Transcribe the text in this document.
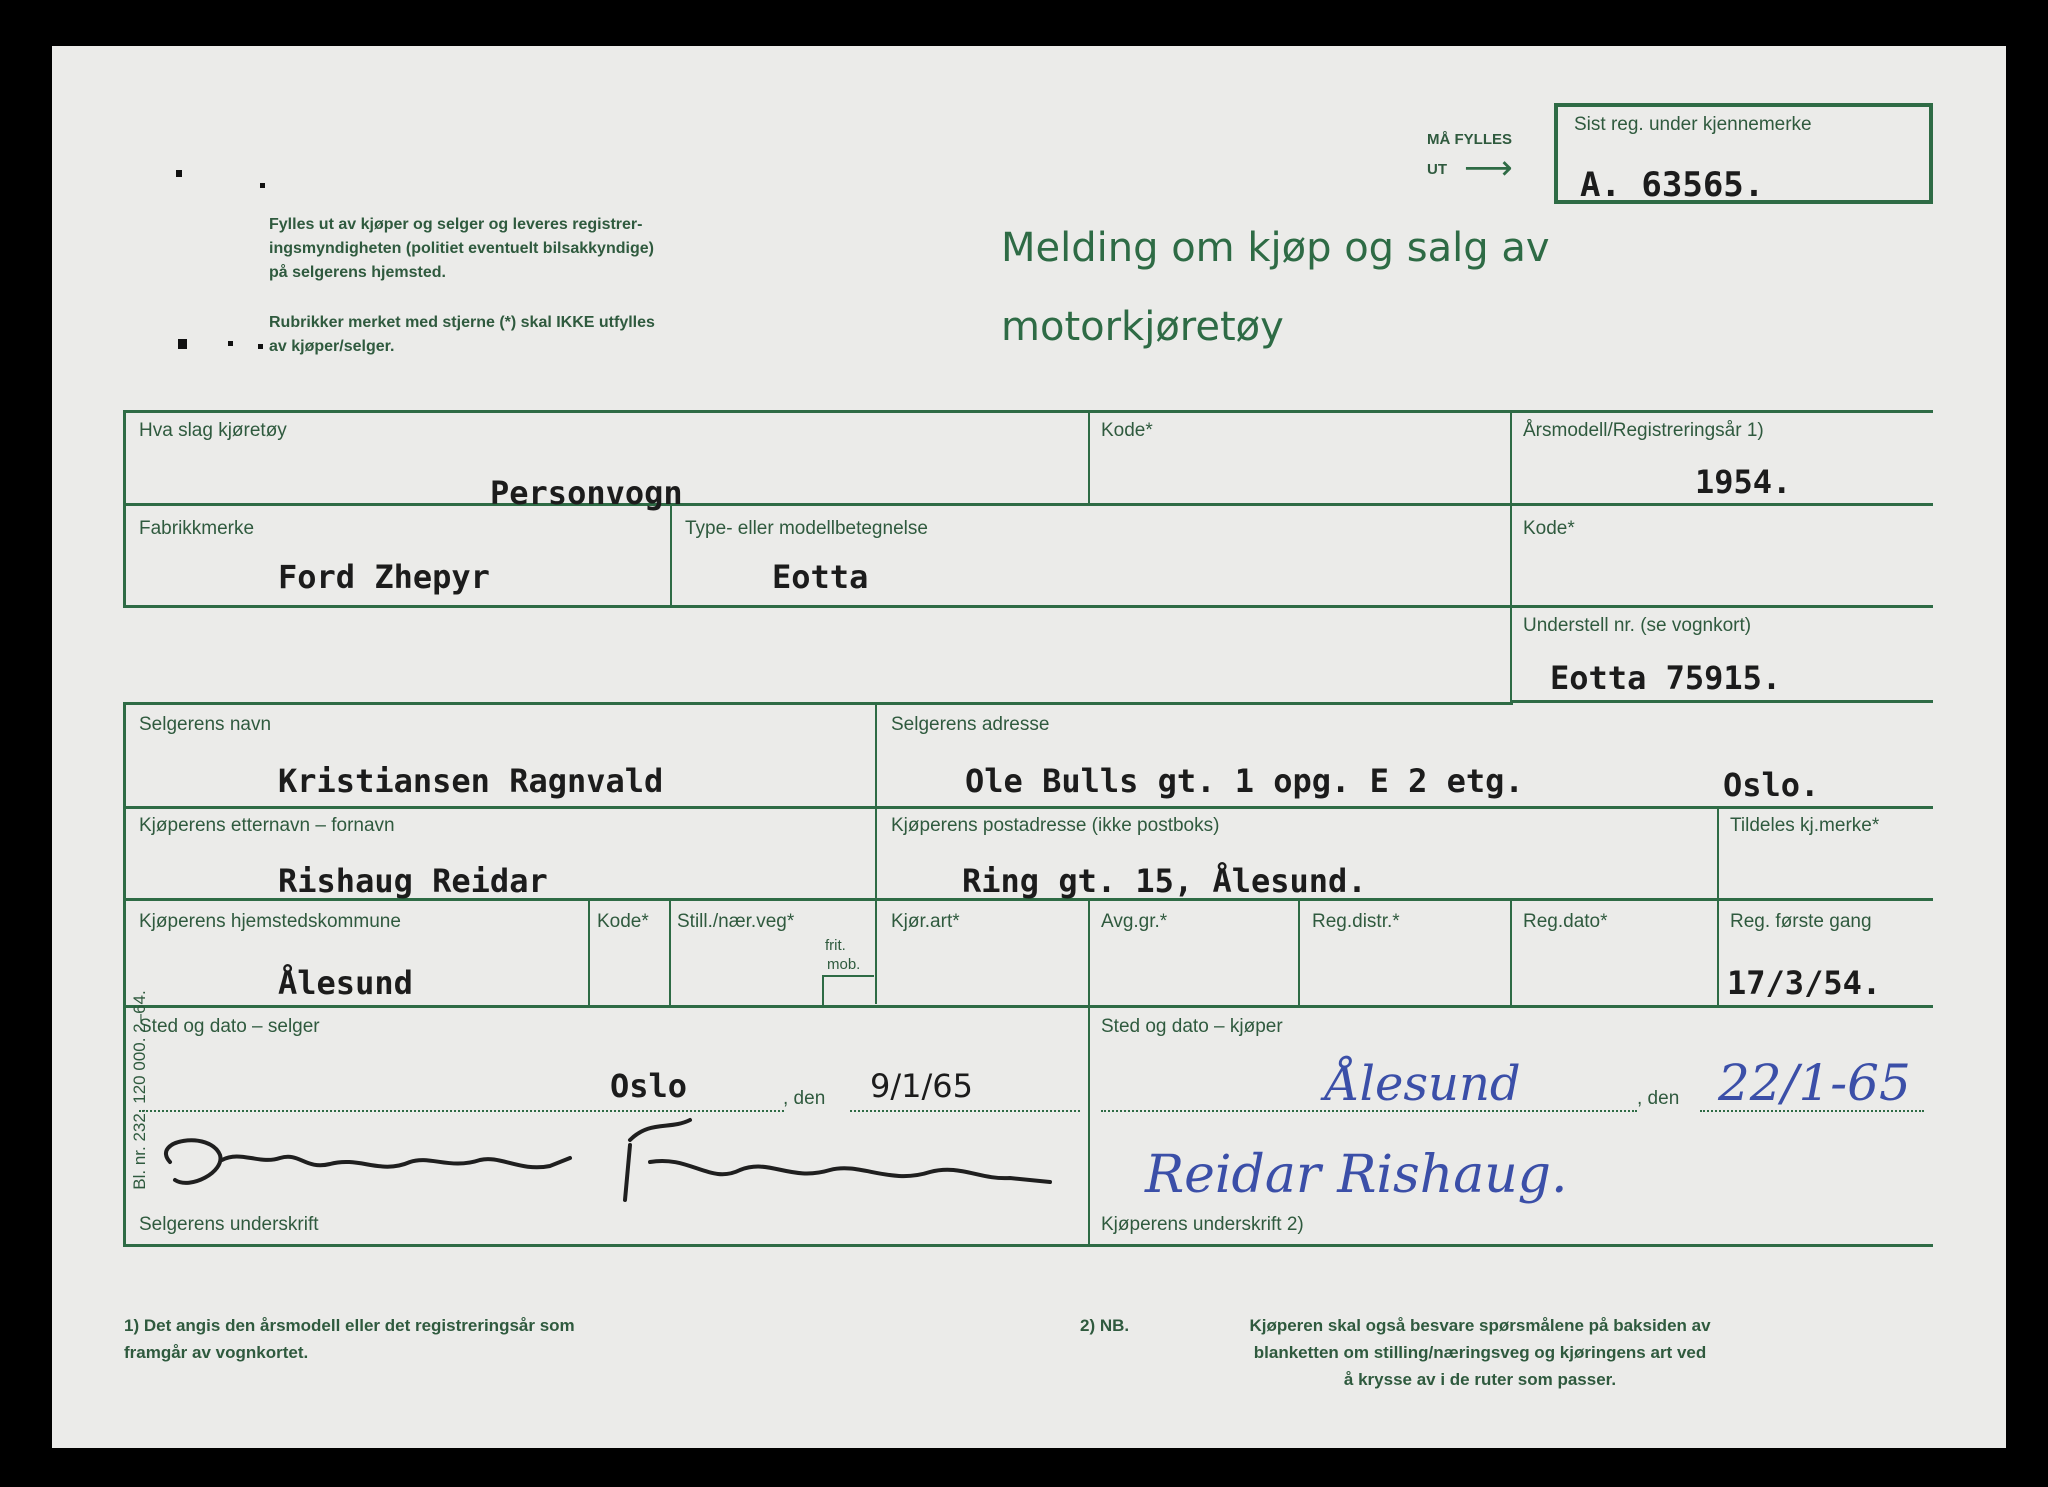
Fylles ut av kjøper og selger og leveres registrer-
ingsmyndigheten (politiet eventuelt bilsakkyndige)
på selgerens hjemsted.
Rubrikker merket med stjerne (*) skal IKKE utfylles
av kjøper/selger.
Melding om kjøp og salg av
motorkjøretøy
MÅ FYLLES
UT ⟶
Sist reg. under kjennemerke
A. 63565.
Hva slag kjøretøy
Personvogn
Kode*	Årsmodell/Registreringsår 1)
1954.
Fabrikkmerke
Ford Zhepyr
Type- eller modellbetegnelse
Eotta
Kode*
Understell nr. (se vognkort)
Eotta 75915.
Selgerens navn
Kristiansen Ragnvald
Selgerens adresse
Ole Bulls gt. 1 opg. E 2 etg.	Oslo.
Kjøperens etternavn – fornavn
Rishaug Reidar
Kjøperens postadresse (ikke postboks)
Ring gt. 15, Ålesund.
Tildeles kj.merke*
Kjøperens hjemstedskommune
Ålesund
Kode* Still./nær.veg*
frit.
mob.
Kjør.art*	Avg.gr.*	Reg.distr.*	Reg.dato*	Reg. første gang
17/3/54.
Sted og dato – selger
Oslo	, den 9/1/65
Sted og dato – kjøper
Ålesund	, den 22/1-65
Reidar Rishaug.
Selgerens underskrift	Kjøperens underskrift 2)
Bl. nr. 232. 120 000. 2–64.
1) Det angis den årsmodell eller det registreringsår som
framgår av vognkortet.
2) NB.	Kjøperen skal også besvare spørsmålene på baksiden av
blanketten om stilling/næringsveg og kjøringens art ved
å krysse av i de ruter som passer.
